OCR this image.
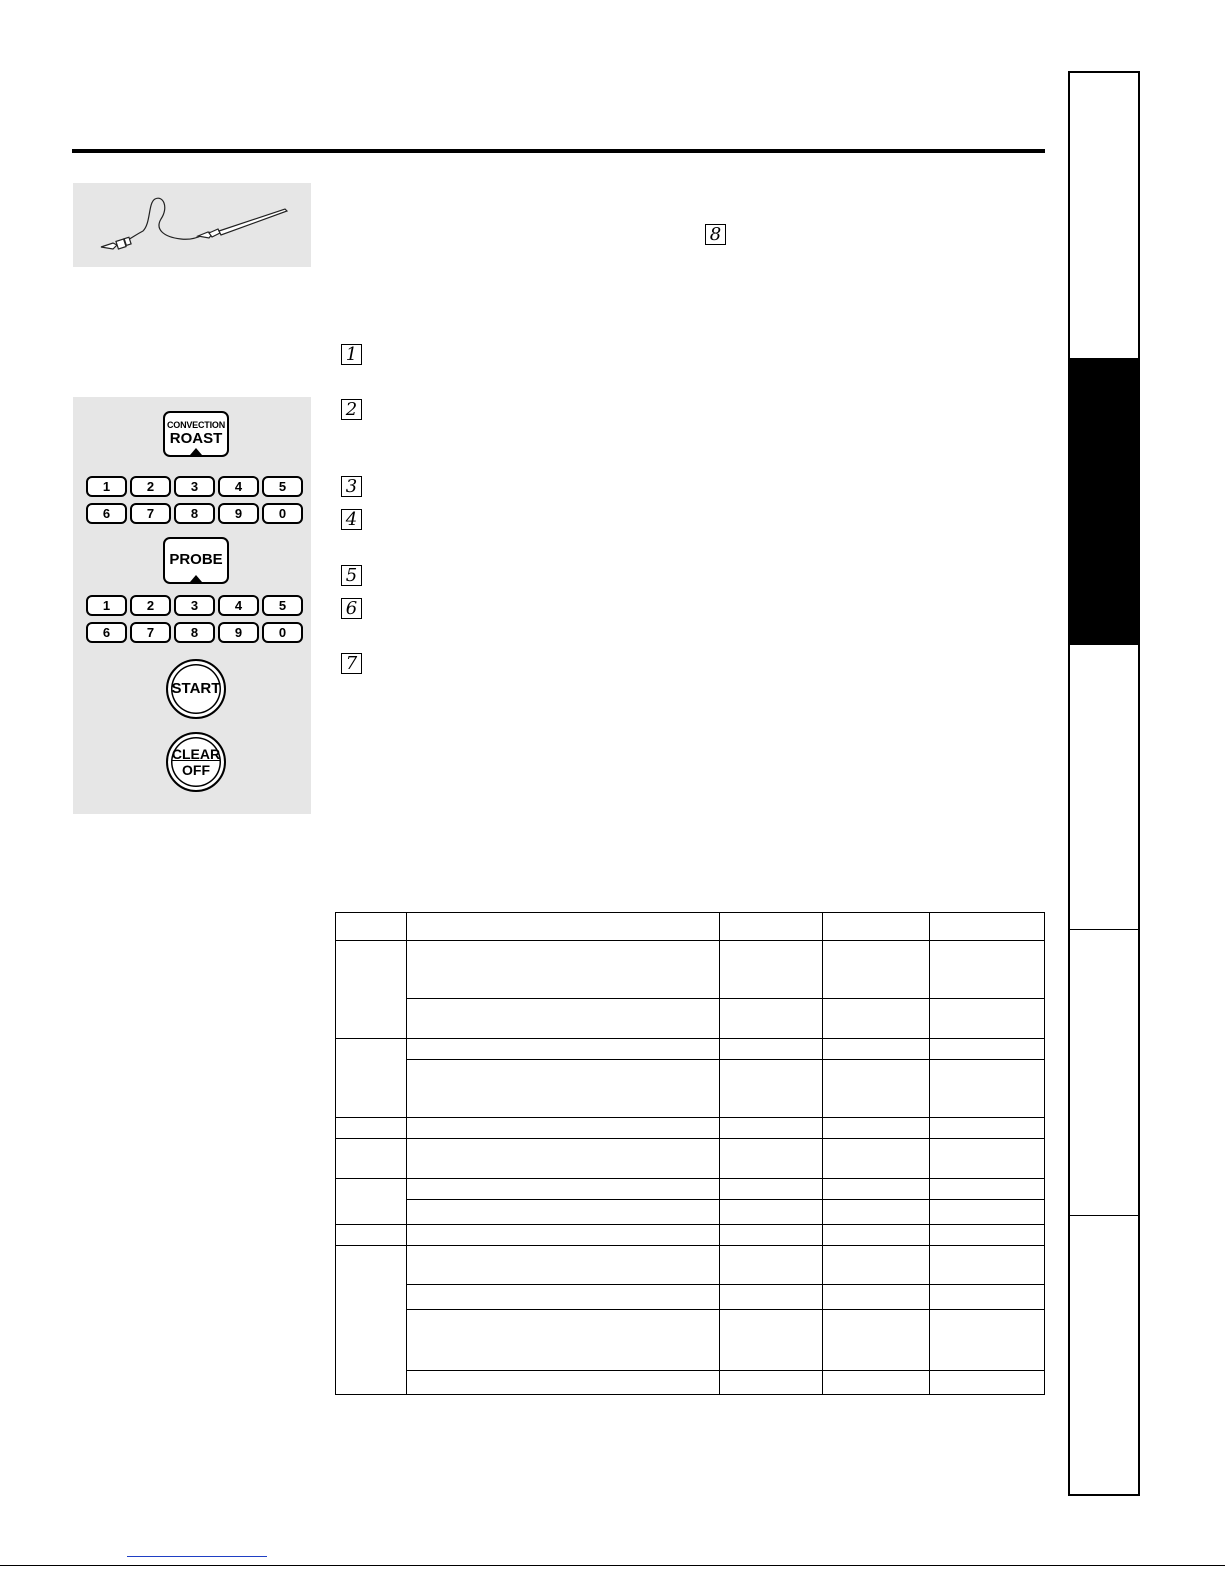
8
1
2
3
4
5
6
7
CONVECTION
ROAST
1	2	3	4	5
6	7	8	9	0
PROBE
1	2	3	4	5
6	7	8	9	0
START
CLEAR
OFF
